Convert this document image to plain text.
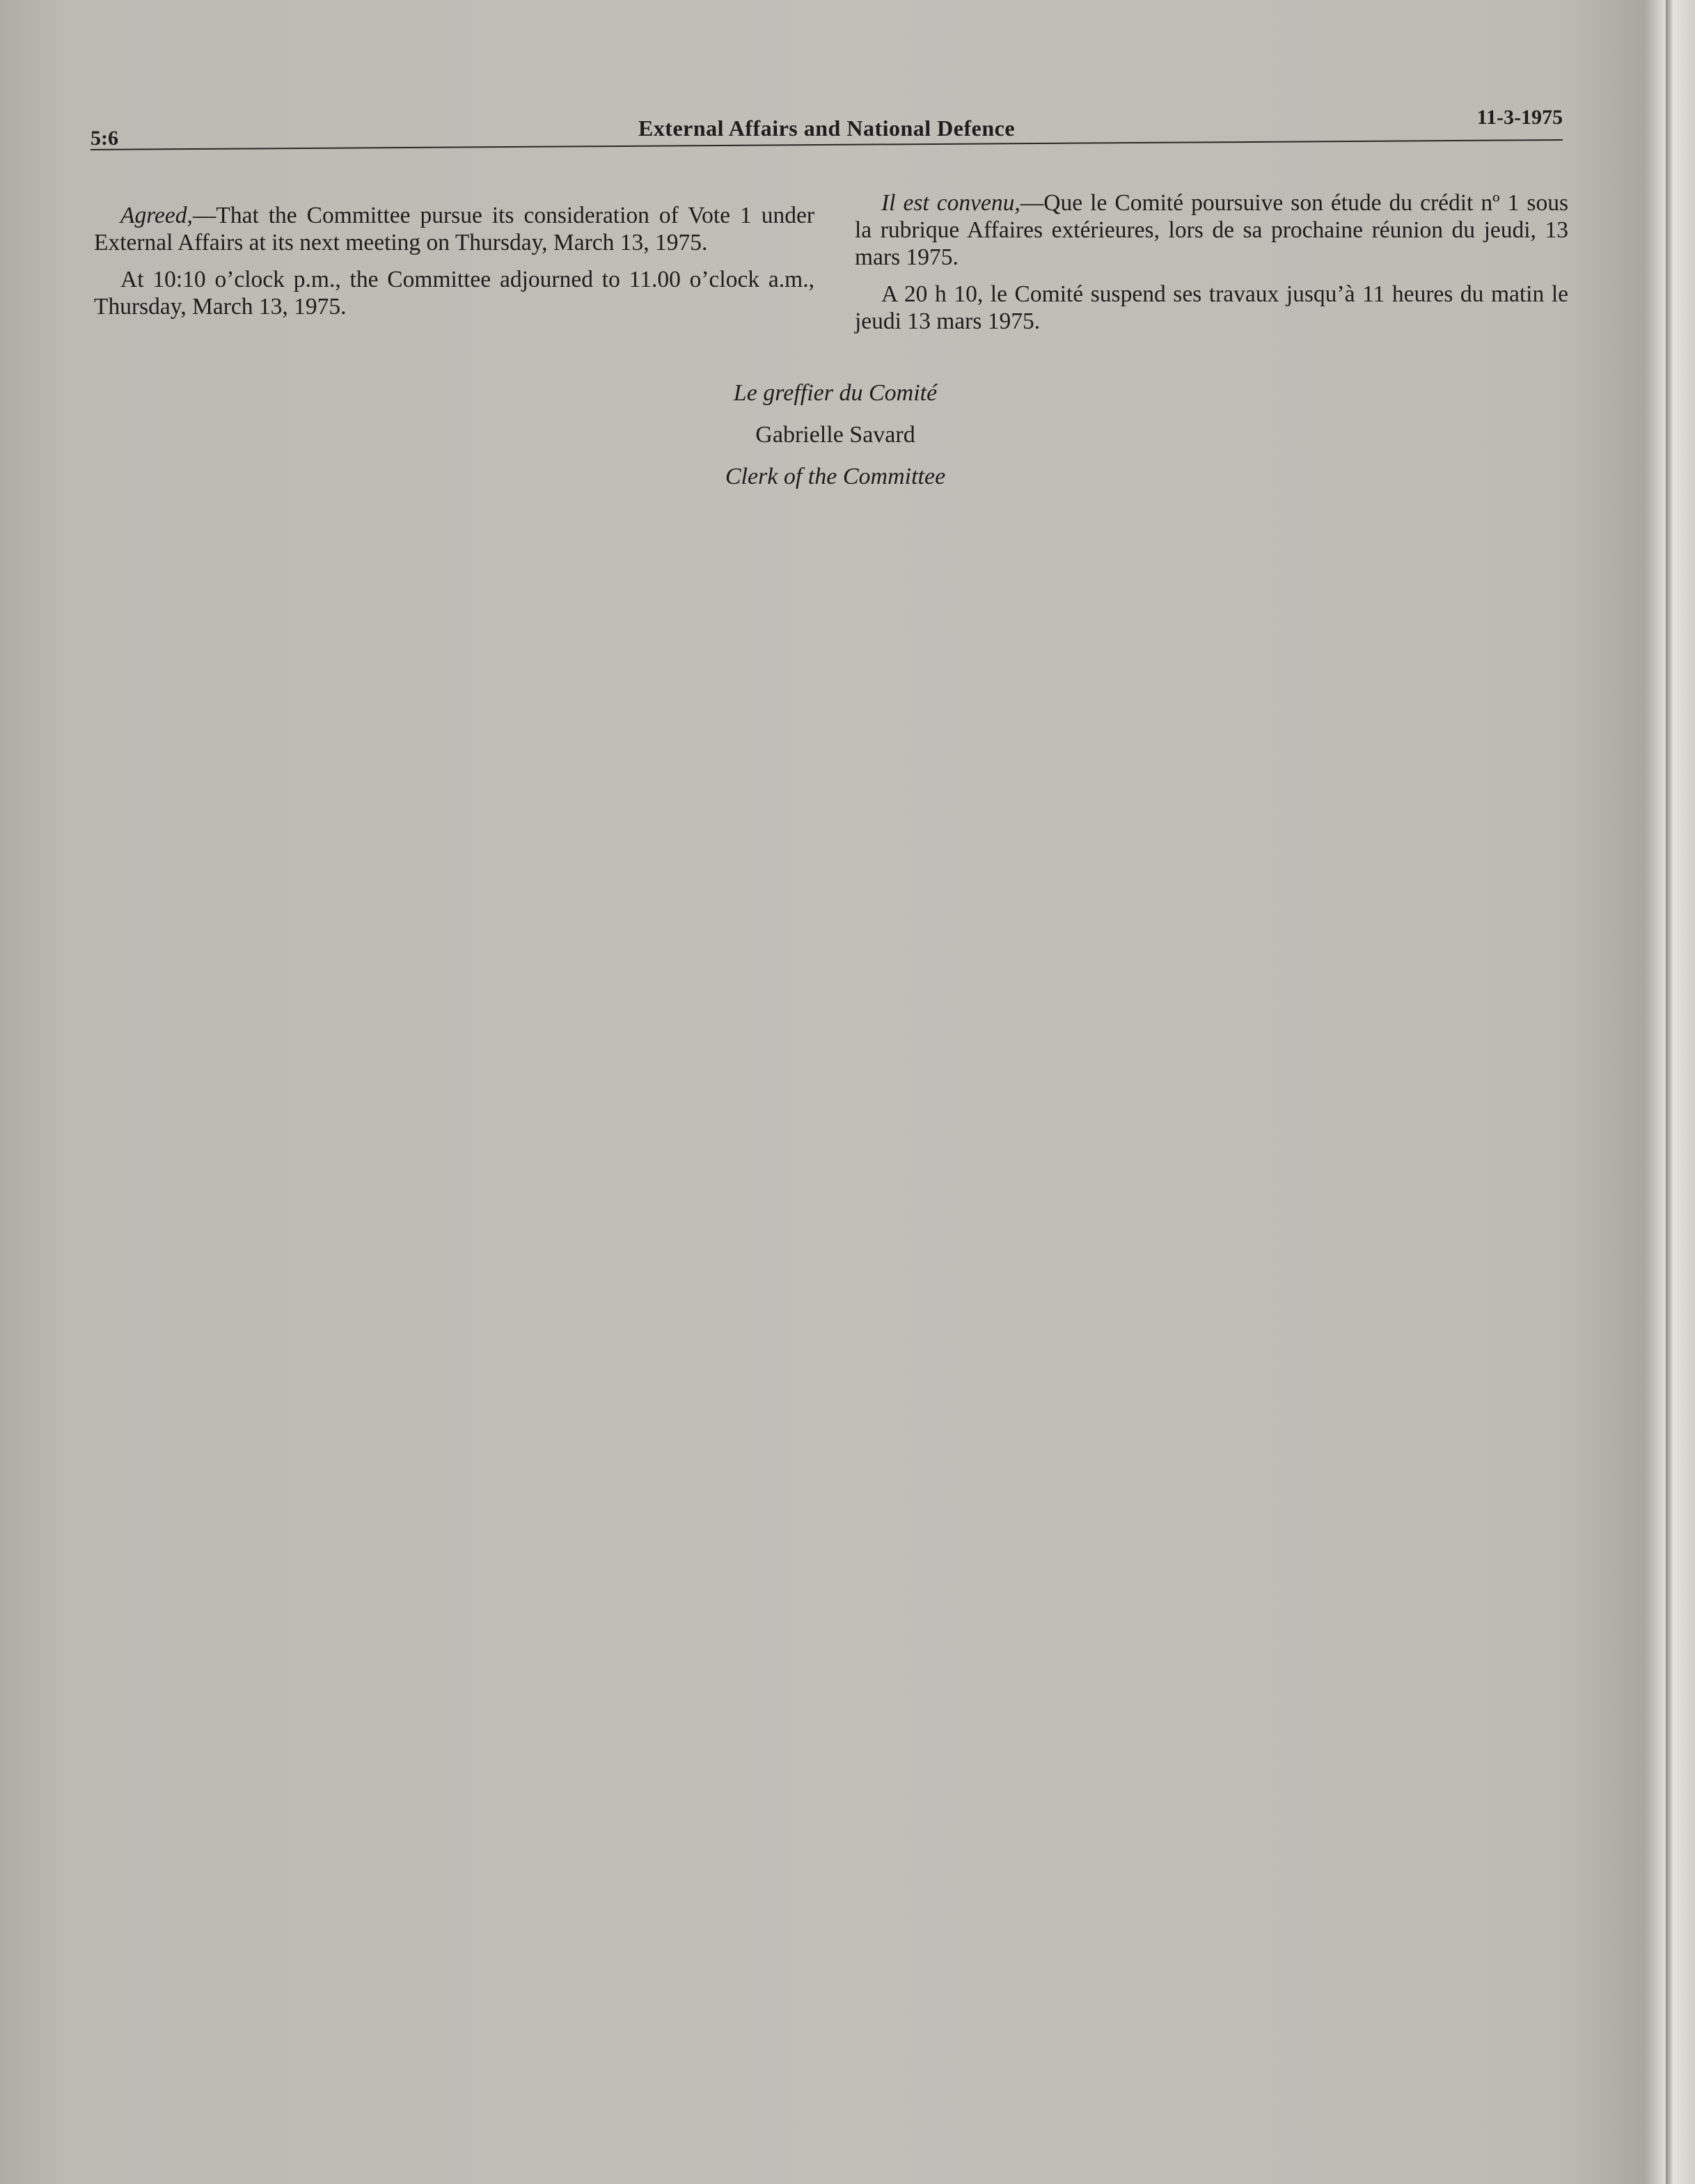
5:6	External Affairs and National Defence	11-3-1975

Agreed,—That the Committee pursue its consideration of Vote 1 under External Affairs at its next meeting on Thursday, March 13, 1975.

At 10:10 o’clock p.m., the Committee adjourned to 11.00 o’clock a.m., Thursday, March 13, 1975.

Il est convenu,—Que le Comité poursuive son étude du crédit nº 1 sous la rubrique Affaires extérieures, lors de sa prochaine réunion du jeudi, 13 mars 1975.

A 20 h 10, le Comité suspend ses travaux jusqu’à 11 heures du matin le jeudi 13 mars 1975.

Le greffier du Comité
Gabrielle Savard
Clerk of the Committee
